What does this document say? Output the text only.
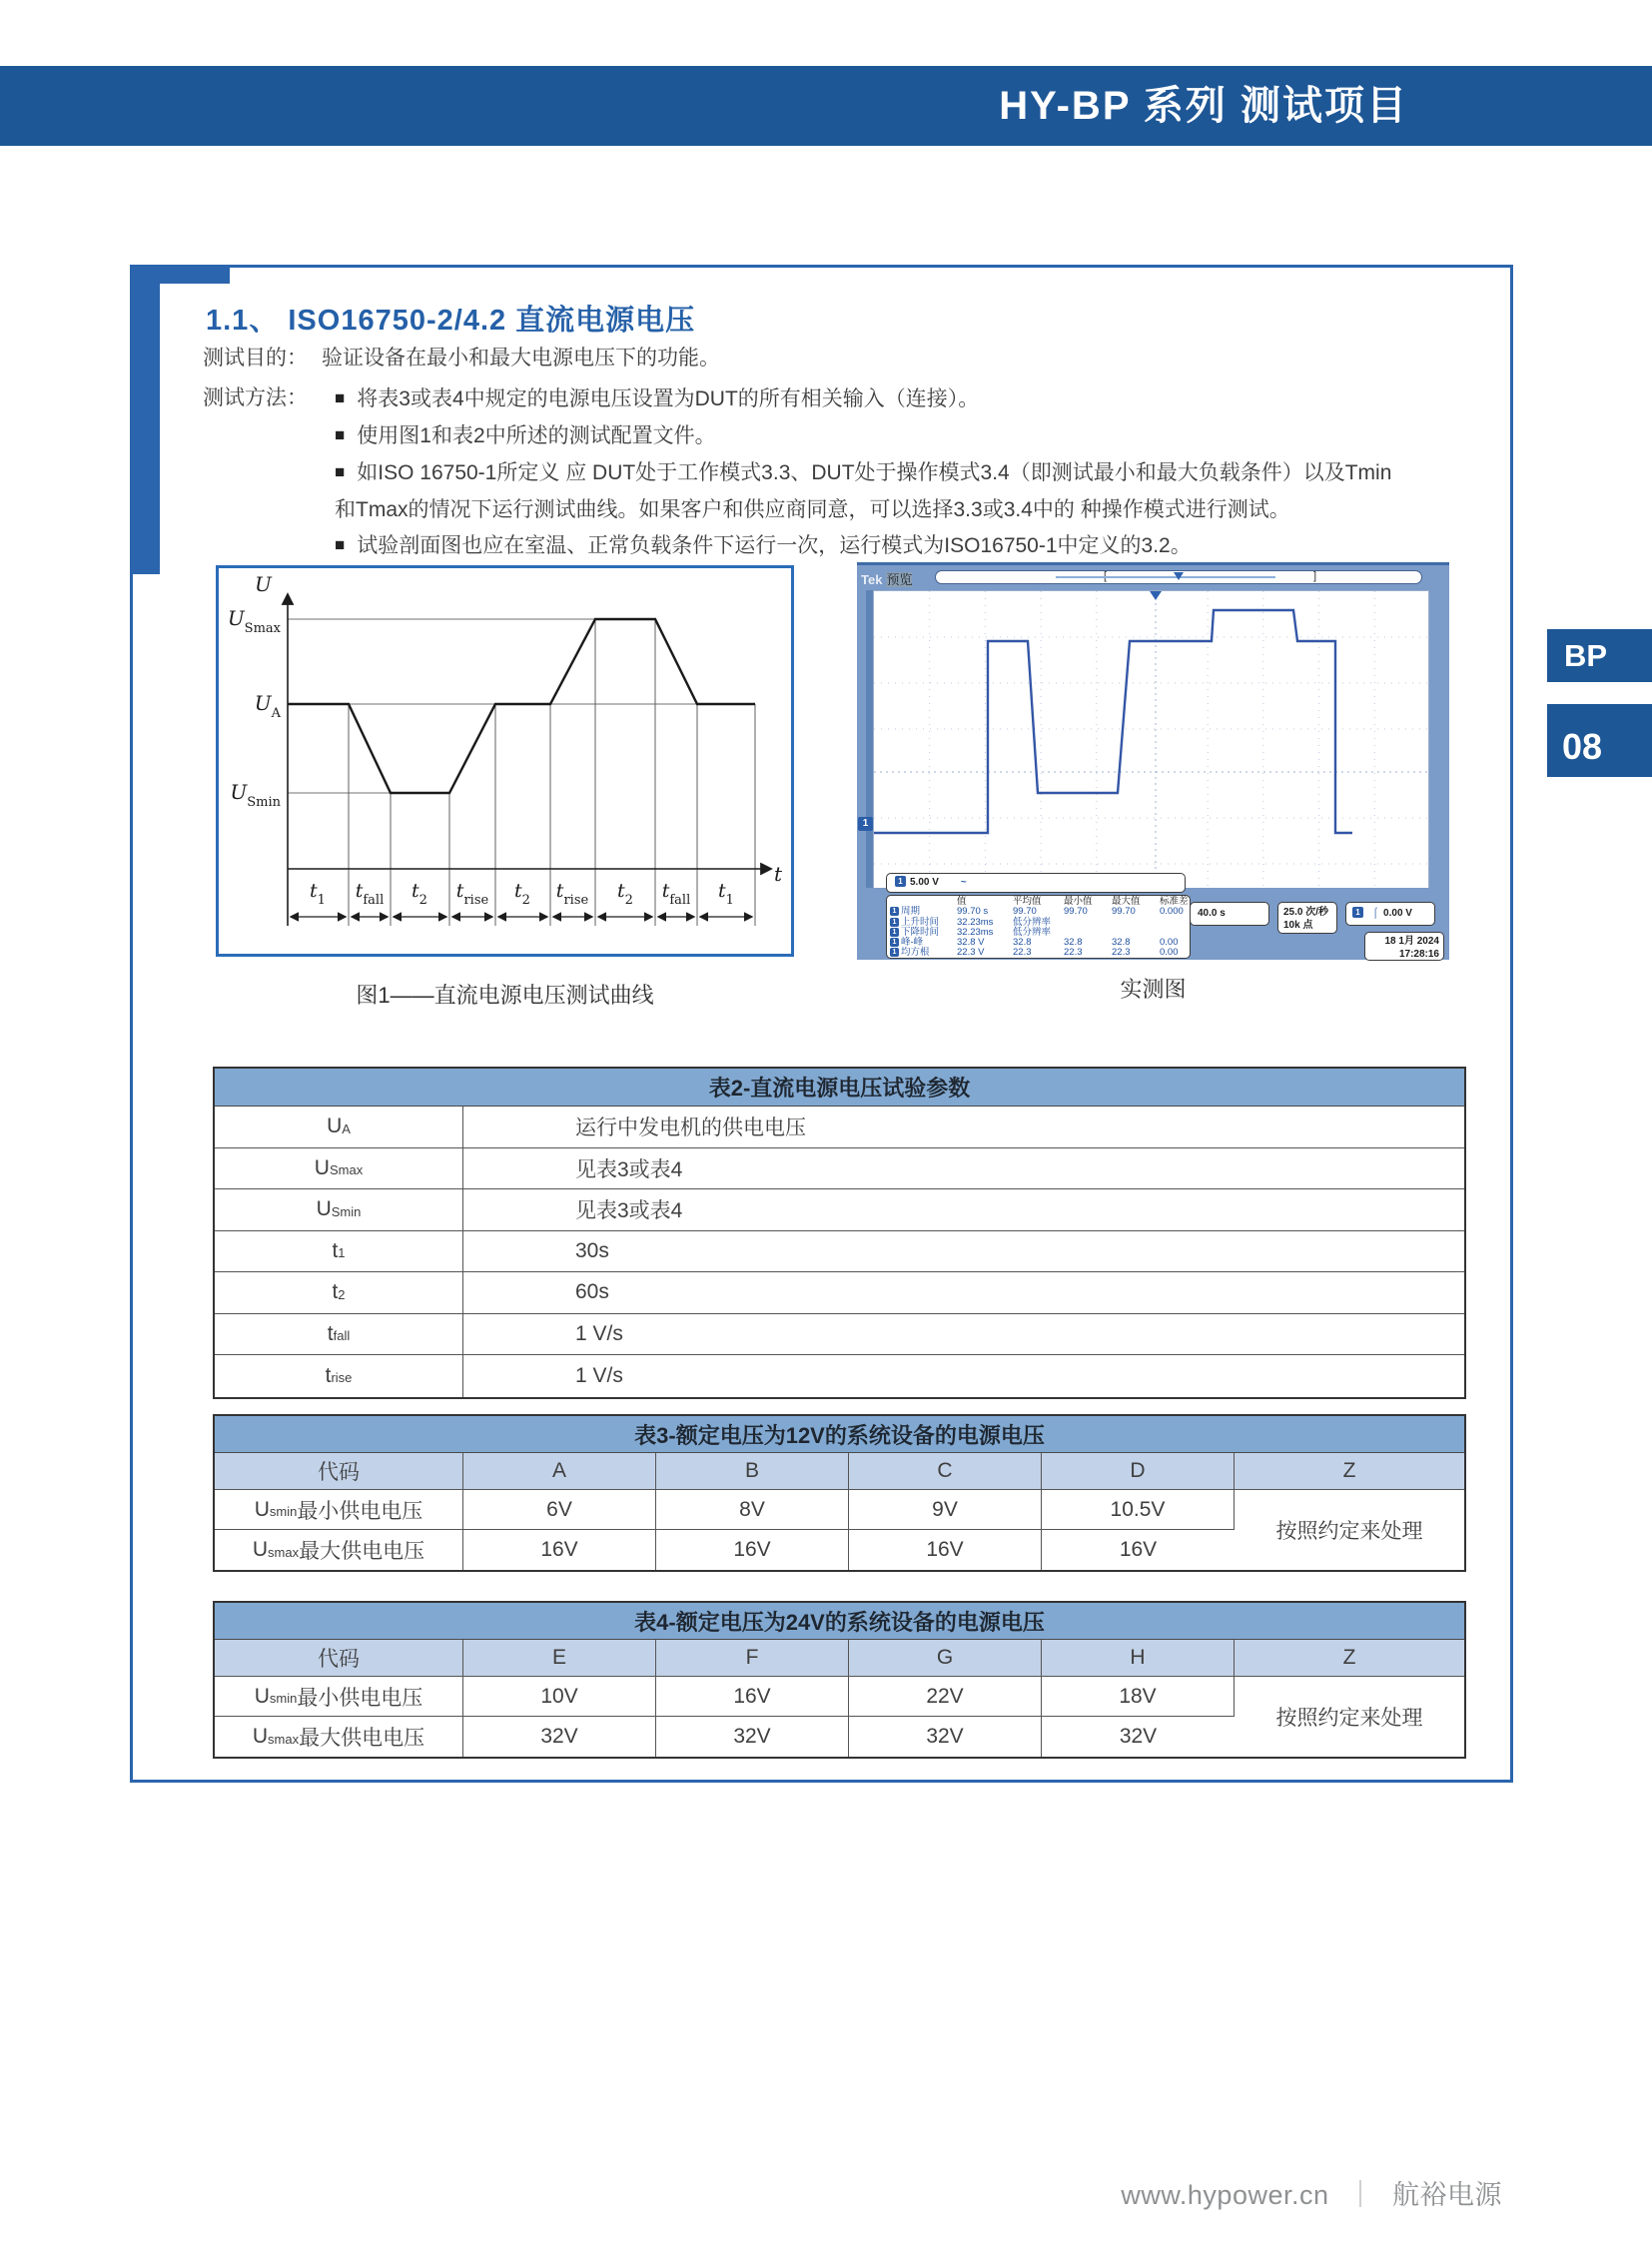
HY-BP 系列 测试项目
BP
08
1.1、 ISO16750-2/4.2 直流电源电压
测试目的： 验证设备在最小和最大电源电压下的功能。
测试方法： ■ 将表3或表4中规定的电源电压设置为DUT的所有相关输入（连接）。
■ 使用图1和表2中所述的测试配置文件。
■ 如ISO 16750-1所定义 应 DUT处于工作模式3.3、DUT处于操作模式3.4（即测试最小和最大负载条件）以及Tmin 和Tmax的情况下运行测试曲线。如果客户和供应商同意，可以选择3.3或3.4中的 种操作模式进行测试。
■ 试验剖面图也应在室温、正常负载条件下运行一次，运行模式为ISO16750-1中定义的3.2。
U
t
$U_{Smax}$
$U_A$
$U_{Smin}$
$t_1$ $t_{fall}$ $t_2$ $t_{rise}$ $t_2$ $t_{rise}$ $t_2$ $t_{fall}$ $t_1$
Tek 预览	]
1
1 5.00 V ~
值	平均值	最小值	最大值	标准差
1 周期	99.70 s	99.70	99.70	99.70	0.000
1 上升时间	32.23ms	低分辨率
1 下降时间	32.23ms	低分辨率
1 峰-峰	32.8 V	32.8	32.8	32.8	0.00
1 均方根	22.3 V	22.3	22.3	22.3	0.00
40.0 s	25.0 次/秒
10k 点
1 ⌠ 0.00 V
18 1月 2024
17:28:16
图1——直流电源电压测试曲线	实测图
表2-直流电源电压试验参数
$U_A$	运行中发电机的供电电压
$U_{Smax}$	见表3或表4
$U_{Smin}$	见表3或表4
$t_1$	30s
$t_2$	60s
$t_{fall}$	1 V/s
$t_{rise}$	1 V/s
表3-额定电压为12V的系统设备的电源电压
代码	A	B	C	D	Z
$U_{smin}$ 最小供电电压	6V	8V	9V	10.5V
按照约定来处理
$U_{smax}$ 最大供电电压	16V	16V	16V	16V
表4-额定电压为24V的系统设备的电源电压
代码	E	F	G	H	Z
$U_{smin}$ 最小供电电压	10V	16V	22V	18V
按照约定来处理
$U_{smax}$ 最大供电电压	32V	32V	32V	32V
www.hypower.cn ｜ 航裕电源
